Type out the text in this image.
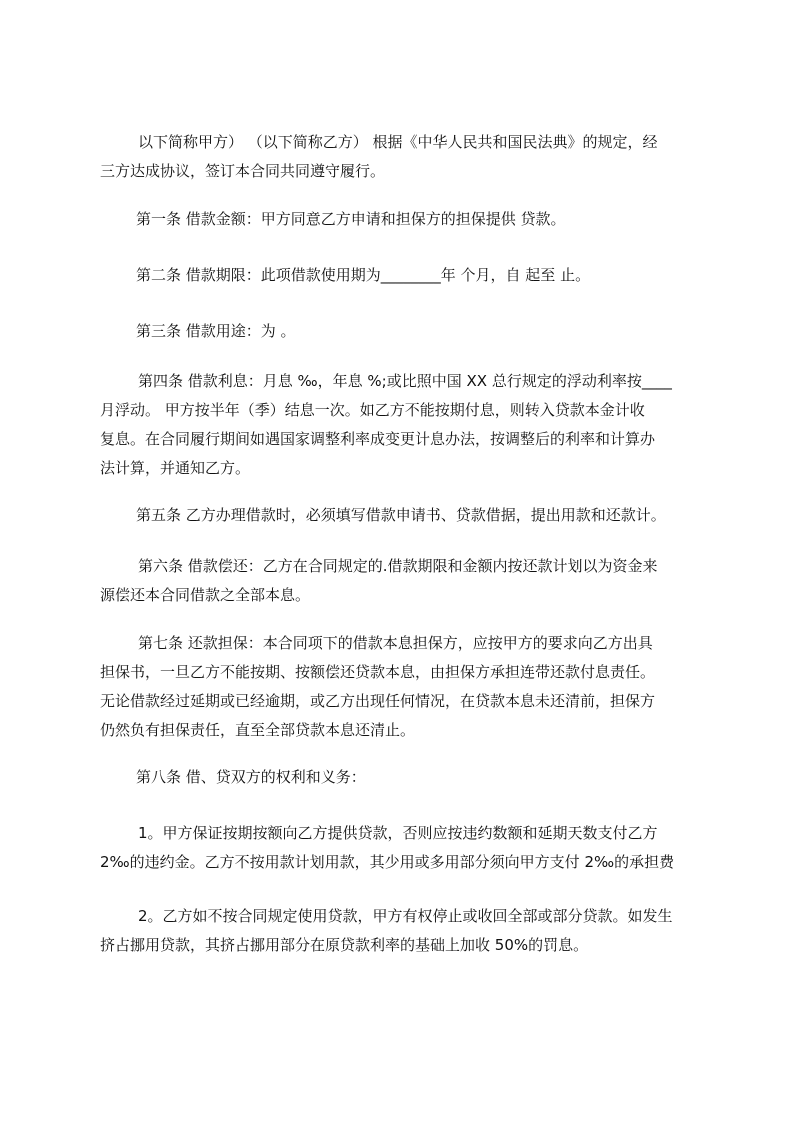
以下简称甲方） （以下简称乙方） 根据《中华人民共和国民法典》的规定，经
三方达成协议，签订本合同共同遵守履行。
第一条 借款金额：甲方同意乙方申请和担保方的担保提供 贷款。
第二条 借款期限：此项借款使用期为________年 个月，自 起至 止。
第三条 借款用途：为 。
第四条 借款利息：月息 ‰，年息 %;或比照中国 XX 总行规定的浮动利率按____
月浮动。 甲方按半年（季）结息一次。如乙方不能按期付息，则转入贷款本金计收
复息。在合同履行期间如遇国家调整利率成变更计息办法，按调整后的利率和计算办
法计算，并通知乙方。
第五条 乙方办理借款时，必须填写借款申请书、贷款借据，提出用款和还款计。
第六条 借款偿还：乙方在合同规定的.借款期限和金额内按还款计划以为资金来
源偿还本合同借款之全部本息。
第七条 还款担保：本合同项下的借款本息担保方，应按甲方的要求向乙方出具
担保书，一旦乙方不能按期、按额偿还贷款本息，由担保方承担连带还款付息责任。
无论借款经过延期或已经逾期，或乙方出现任何情况，在贷款本息未还清前，担保方
仍然负有担保责任，直至全部贷款本息还清止。
第八条 借、贷双方的权利和义务：
1。甲方保证按期按额向乙方提供贷款，否则应按违约数额和延期天数支付乙方
2‰的违约金。乙方不按用款计划用款，其少用或多用部分须向甲方支付 2‰的承担费
2。乙方如不按合同规定使用贷款，甲方有权停止或收回全部或部分贷款。如发生
挤占挪用贷款，其挤占挪用部分在原贷款利率的基础上加收 50%的罚息。
